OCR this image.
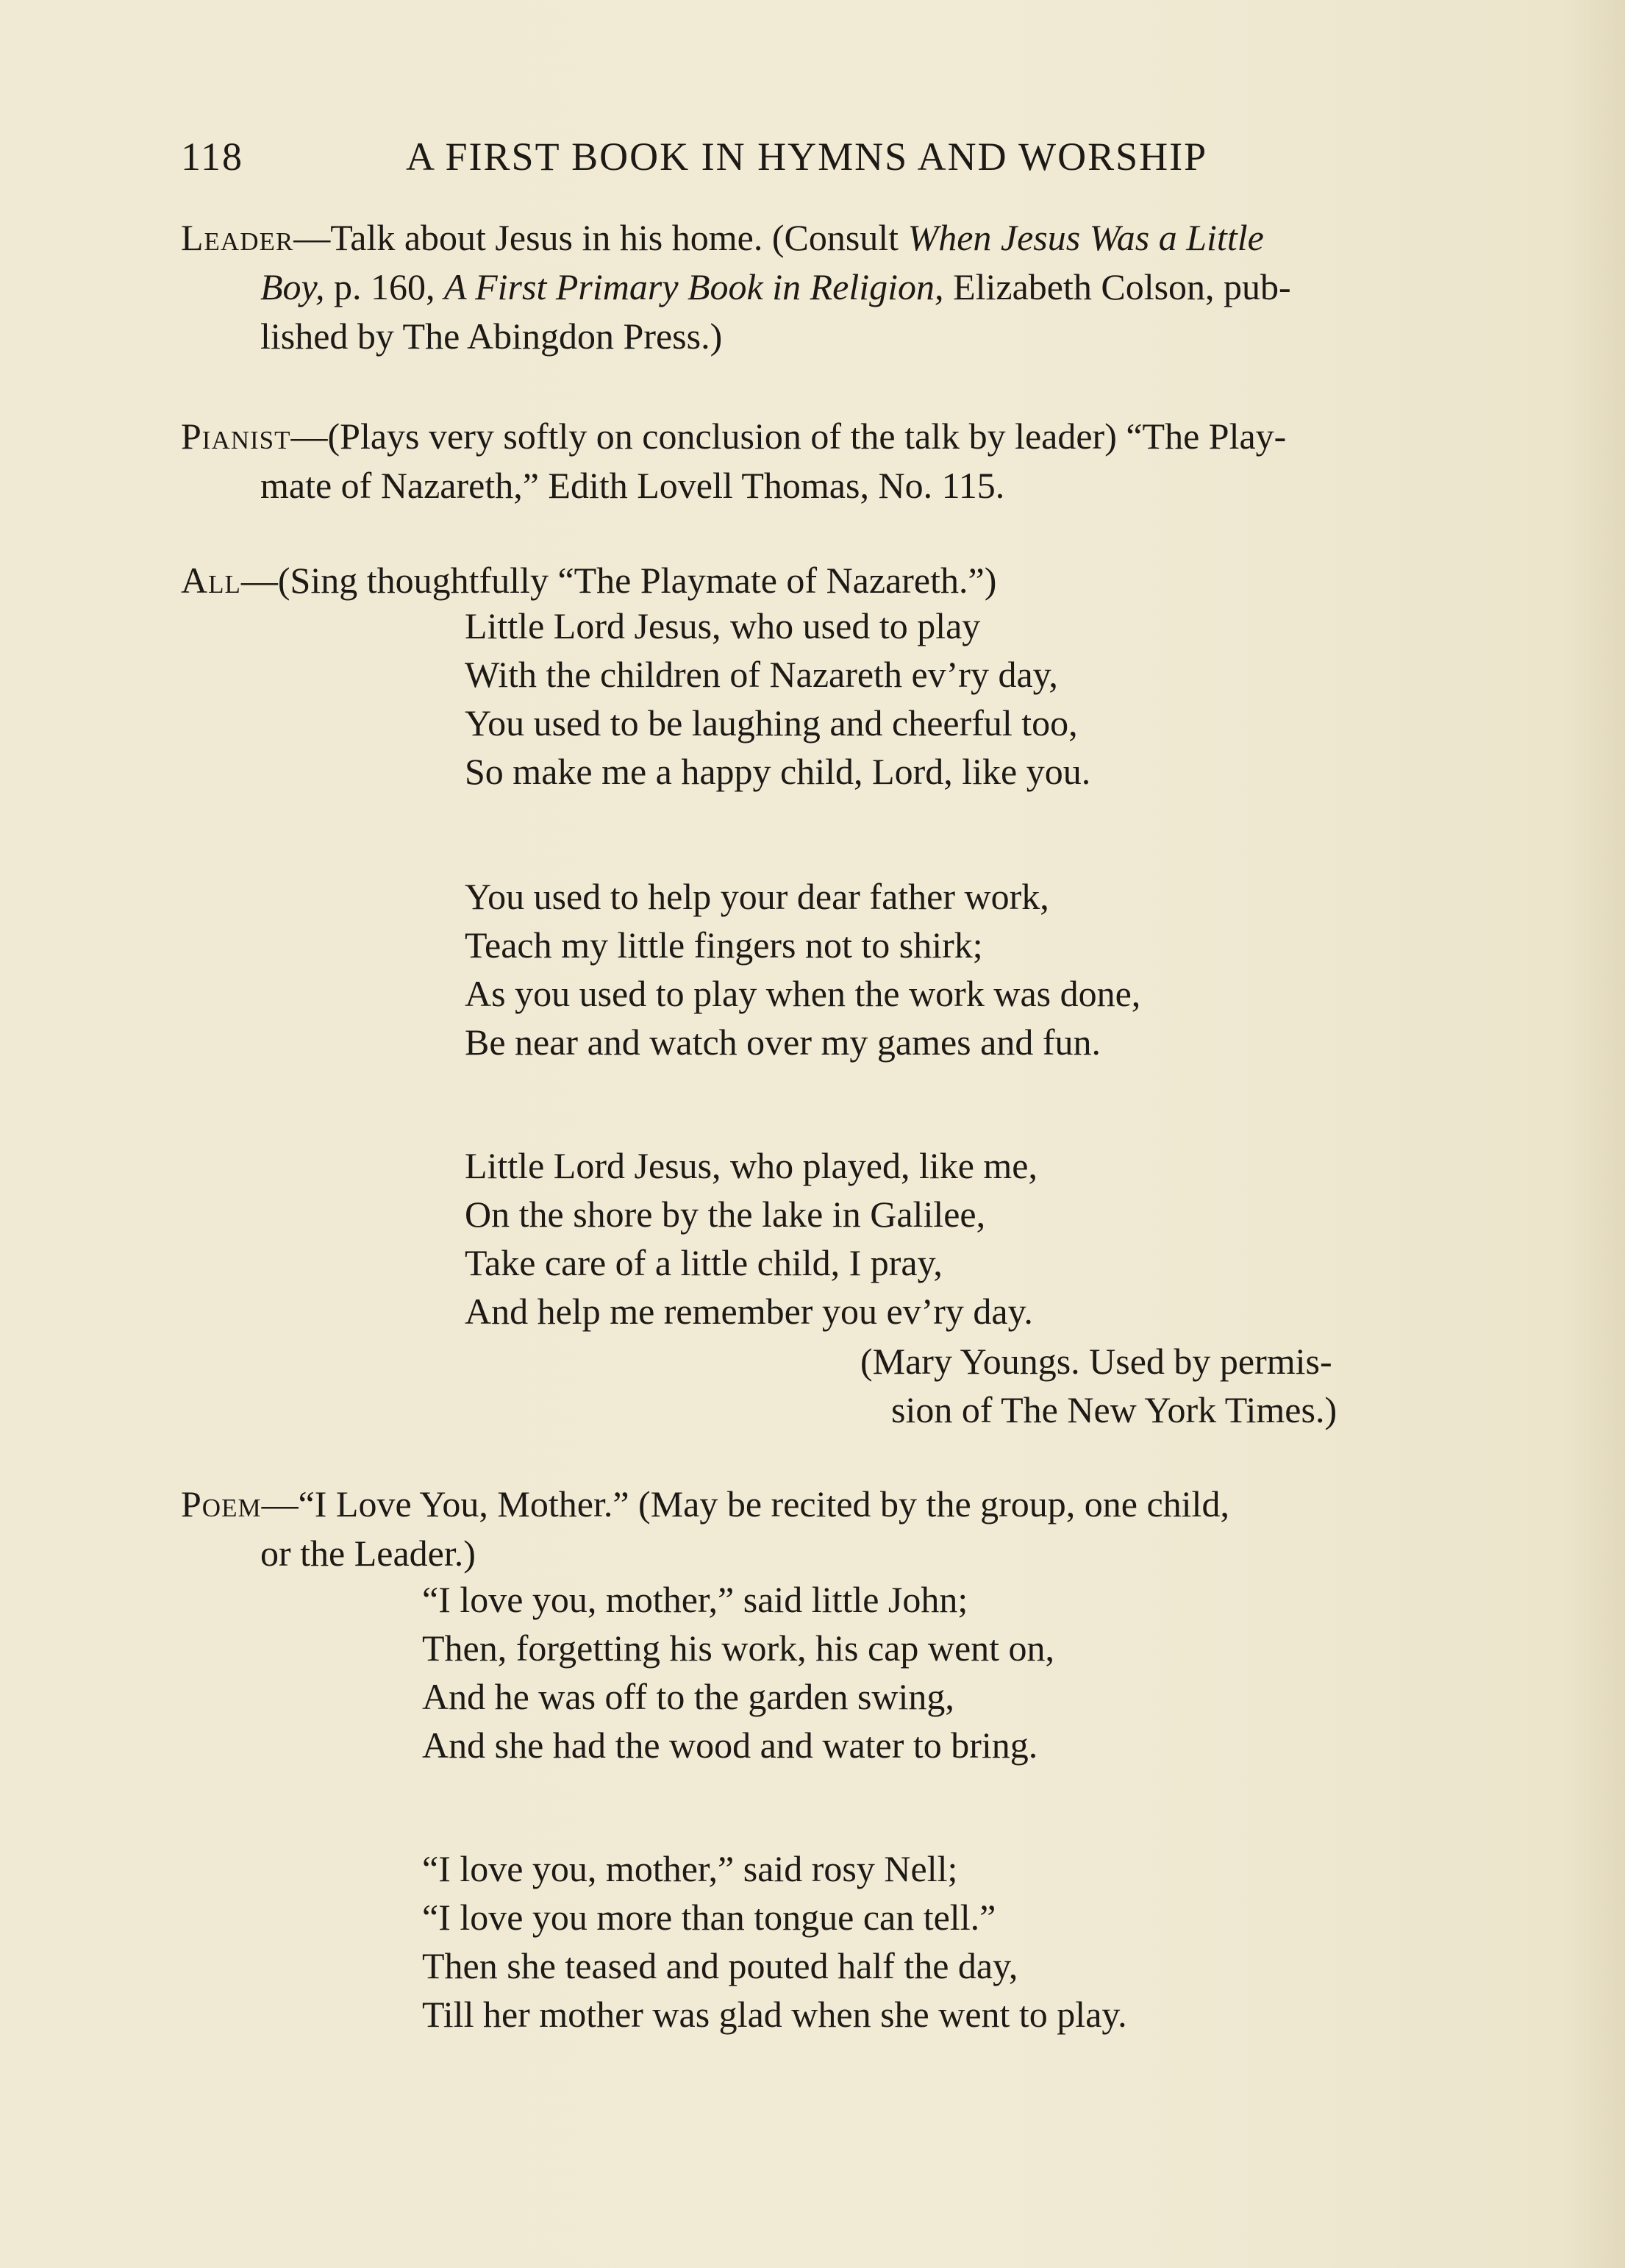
118	A FIRST BOOK IN HYMNS AND WORSHIP

Leader—Talk about Jesus in his home. (Consult When Jesus Was a Little
Boy, p. 160, A First Primary Book in Religion, Elizabeth Colson, pub-
lished by The Abingdon Press.)

Pianist—(Plays very softly on conclusion of the talk by leader) “The Play-
mate of Nazareth,” Edith Lovell Thomas, No. 115.

All—(Sing thoughtfully “The Playmate of Nazareth.”)

Little Lord Jesus, who used to play
With the children of Nazareth ev’ry day,
You used to be laughing and cheerful too,
So make me a happy child, Lord, like you.
You used to help your dear father work,
Teach my little fingers not to shirk;
As you used to play when the work was done,
Be near and watch over my games and fun.
Little Lord Jesus, who played, like me,
On the shore by the lake in Galilee,
Take care of a little child, I pray,
And help me remember you ev’ry day.
(Mary Youngs. Used by permis-
sion of The New York Times.)

Poem—“I Love You, Mother.” (May be recited by the group, one child,
or the Leader.)

“I love you, mother,” said little John;
Then, forgetting his work, his cap went on,
And he was off to the garden swing,
And she had the wood and water to bring.
“I love you, mother,” said rosy Nell;
“I love you more than tongue can tell.”
Then she teased and pouted half the day,
Till her mother was glad when she went to play.
